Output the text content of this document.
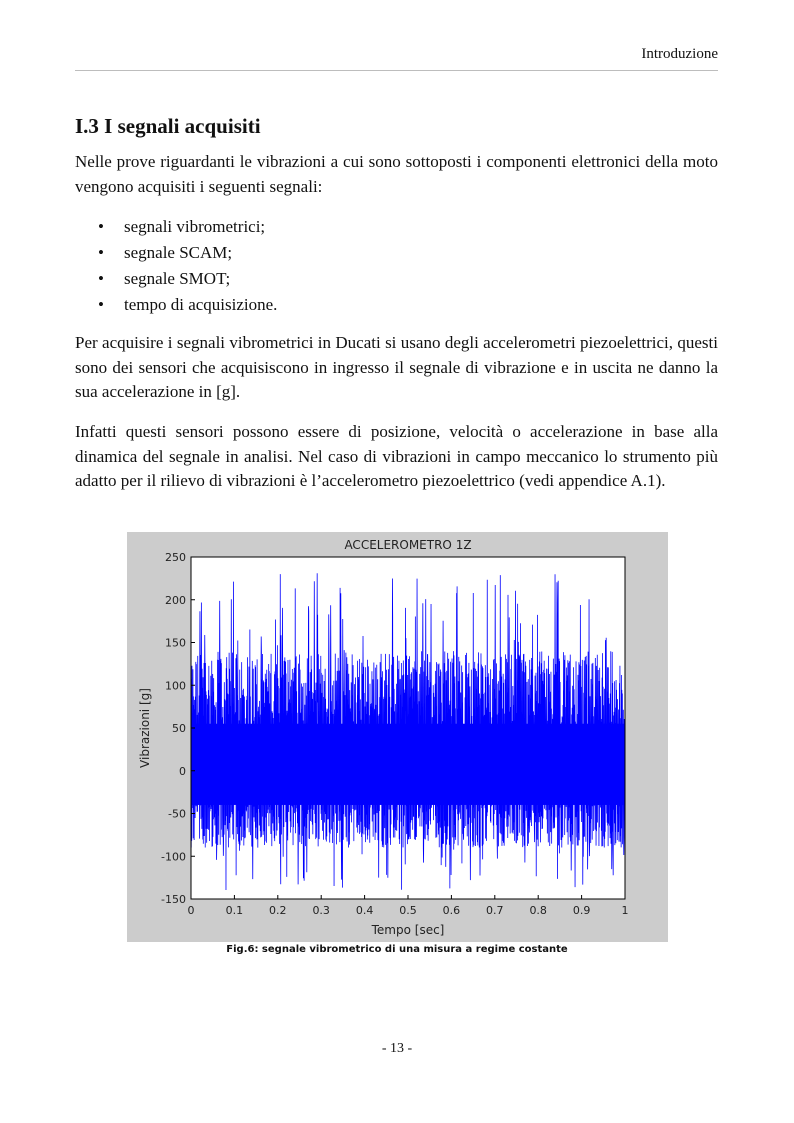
Introduzione
I.3 I segnali acquisiti

Nelle prove riguardanti le vibrazioni a cui sono sottoposti i componenti elettronici della moto vengono acquisiti i seguenti segnali:

• segnali vibrometrici;
• segnale SCAM;
• segnale SMOT;
• tempo di acquisizione.

Per acquisire i segnali vibrometrici in Ducati si usano degli accelerometri piezoelettrici, questi sono dei sensori che acquisiscono in ingresso il segnale di vibrazione e in uscita ne danno la sua accelerazione in [g].

Infatti questi sensori possono essere di posizione, velocità o accelerazione in base alla dinamica del segnale in analisi. Nel caso di vibrazioni in campo meccanico lo strumento più adatto per il rilievo di vibrazioni è l’accelerometro piezoelettrico (vedi appendice A.1).

ACCELEROMETRO 1Z
0	0.1 0.2 0.3 0.4 0.5 0.6 0.7 0.8 0.9	1
250
200
150
100
50
0
-50
-100
-150
Tempo [sec]
Vibrazioni [g]
Fig.6: segnale vibrometrico di una misura a regime costante
- 13 -
